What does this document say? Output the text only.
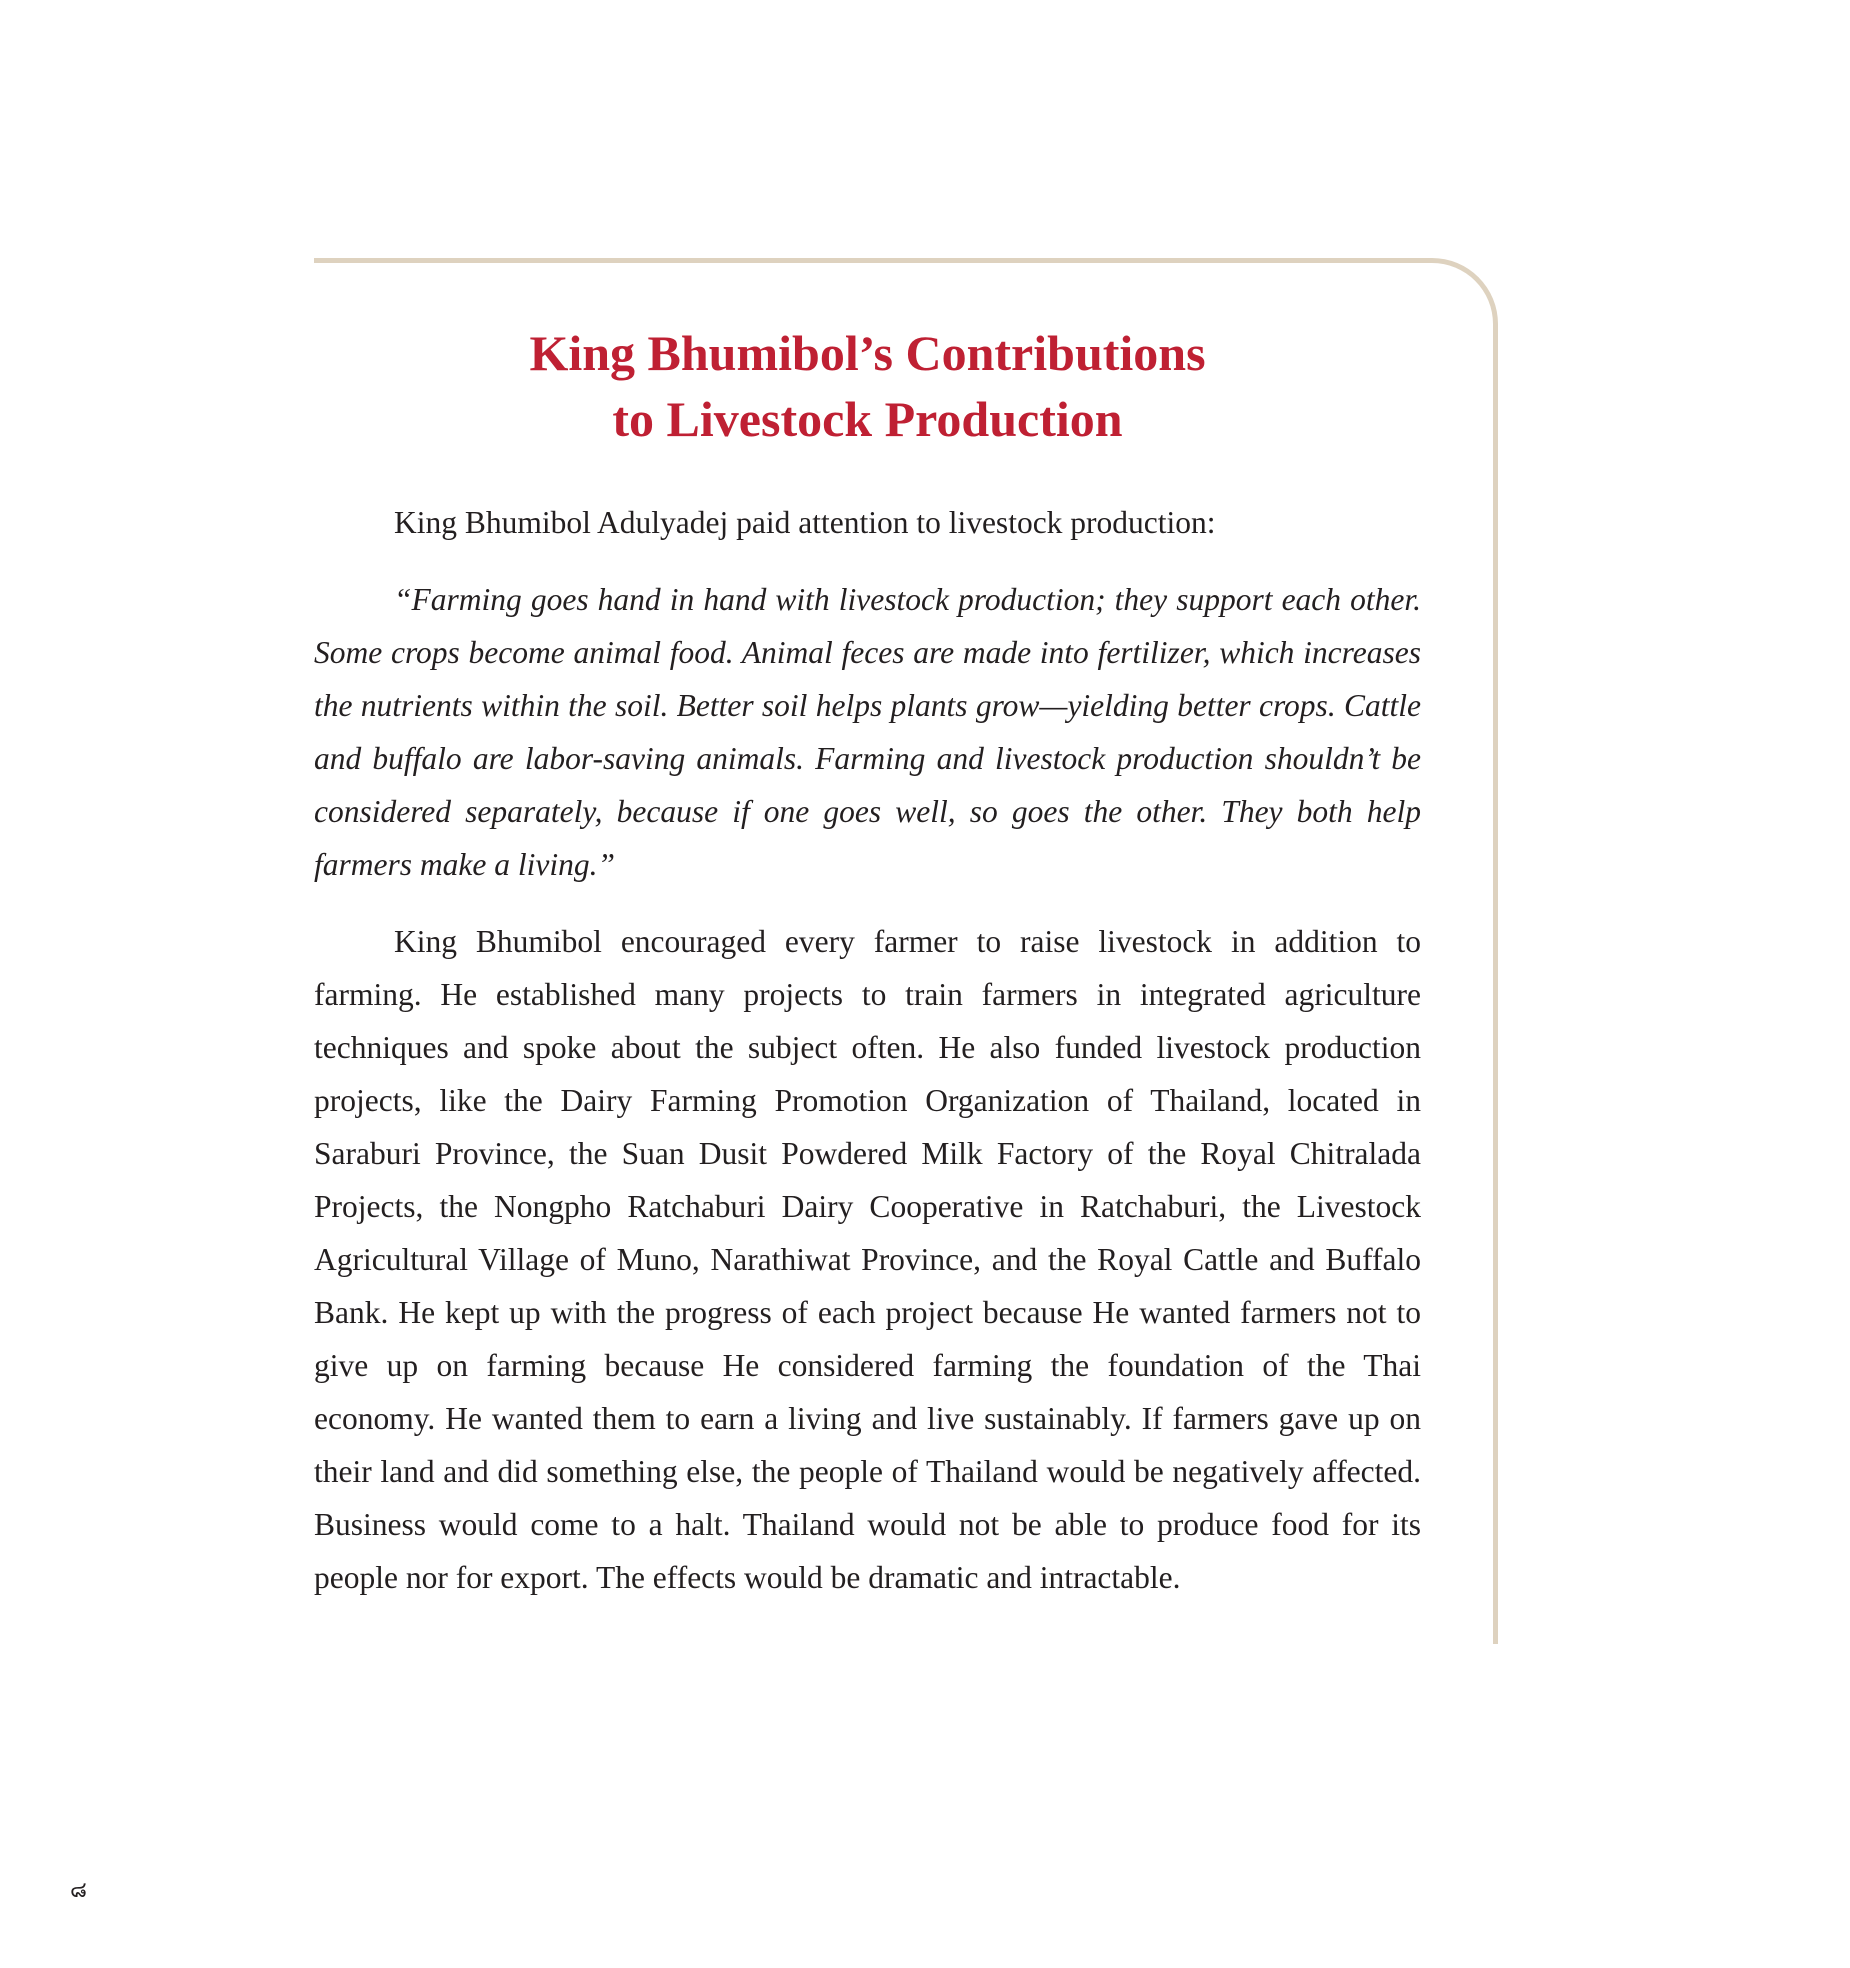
King Bhumibol’s Contributions
to Livestock Production

King Bhumibol Adulyadej paid attention to livestock production:

“Farming goes hand in hand with livestock production; they support each other. Some crops become animal food. Animal feces are made into fertilizer, which increases the nutrients within the soil. Better soil helps plants grow—yielding better crops. Cattle and buffalo are labor-saving animals. Farming and livestock production shouldn’t be considered separately, because if one goes well, so goes the other. They both help farmers make a living.”

King Bhumibol encouraged every farmer to raise livestock in addition to farming. He established many projects to train farmers in integrated agriculture techniques and spoke about the subject often. He also funded livestock production projects, like the Dairy Farming Promotion Organization of Thailand, located in Saraburi Province, the Suan Dusit Powdered Milk Factory of the Royal Chitralada Projects, the Nongpho Ratchaburi Dairy Cooperative in Ratchaburi, the Livestock Agricultural Village of Muno, Narathiwat Province, and the Royal Cattle and Buffalo Bank. He kept up with the progress of each project because He wanted farmers not to give up on farming because He considered farming the foundation of the Thai economy. He wanted them to earn a living and live sustainably. If farmers gave up on their land and did something else, the people of Thailand would be negatively affected. Business would come to a halt. Thailand would not be able to produce food for its people nor for export. The effects would be dramatic and intractable.

๘
